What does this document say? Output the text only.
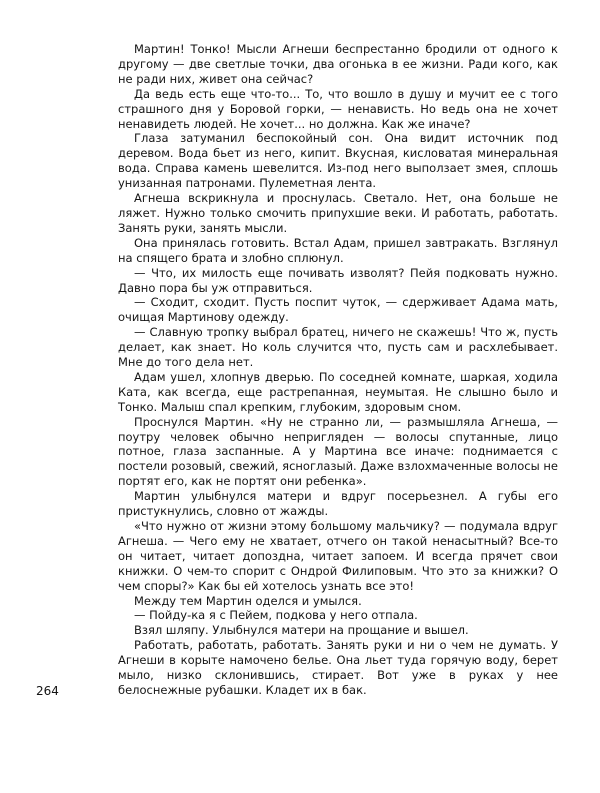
Мартин! Тонко! Мысли Агнеши беспрестанно бродили от одного к другому — две светлые точки, два огонька в ее жизни. Ради кого, как не ради них, живет она сейчас?

Да ведь есть еще что-то... То, что вошло в душу и мучит ее с того страшного дня у Боровой горки, — ненависть. Но ведь она не хочет ненавидеть людей. Не хочет... но должна. Как же иначе?

Глаза затуманил беспокойный сон. Она видит источник под деревом. Вода бьет из него, кипит. Вкусная, кисловатая минеральная вода. Справа камень шевелится. Из-под него выползает змея, сплошь унизанная патронами. Пулеметная лента.

Агнеша вскрикнула и проснулась. Светало. Нет, она больше не ляжет. Нужно только смочить припухшие веки. И работать, работать. Занять руки, занять мысли.

Она принялась готовить. Встал Адам, пришел завтракать. Взглянул на спящего брата и злобно сплюнул.

— Что, их милость еще почивать изволят? Пейя подковать нужно. Давно пора бы уж отправиться.

— Сходит, сходит. Пусть поспит чуток, — сдерживает Адама мать, очищая Мартинову одежду.

— Славную тропку выбрал братец, ничего не скажешь! Что ж, пусть делает, как знает. Но коль случится что, пусть сам и расхлебывает. Мне до того дела нет.

Адам ушел, хлопнув дверью. По соседней комнате, шаркая, ходила Ката, как всегда, еще растрепанная, неумытая. Не слышно было и Тонко. Малыш спал крепким, глубоким, здоровым сном.

Проснулся Мартин. «Ну не странно ли, — размышляла Агнеша, — поутру человек обычно непригляден — волосы спутанные, лицо потное, глаза заспанные. А у Мартина все иначе: поднимается с постели розовый, свежий, ясноглазый. Даже взлохмаченные волосы не портят его, как не портят они ребенка».

Мартин улыбнулся матери и вдруг посерьезнел. А губы его пристукнулись, словно от жажды.

«Что нужно от жизни этому большому мальчику? — подумала вдруг Агнеша. — Чего ему не хватает, отчего он такой ненасытный? Все-то он читает, читает допоздна, читает запоем. И всегда прячет свои книжки. О чем-то спорит с Ондрой Филиповым. Что это за книжки? О чем споры?» Как бы ей хотелось узнать все это!

Между тем Мартин оделся и умылся.

— Пойду-ка я с Пейем, подкова у него отпала.

Взял шляпу. Улыбнулся матери на прощание и вышел.

Работать, работать, работать. Занять руки и ни о чем не думать. У Агнеши в корыте намочено белье. Она льет туда горячую воду, берет мыло, низко склонившись, стирает. Вот уже в руках у нее белоснежные рубашки. Кладет их в бак.

264
